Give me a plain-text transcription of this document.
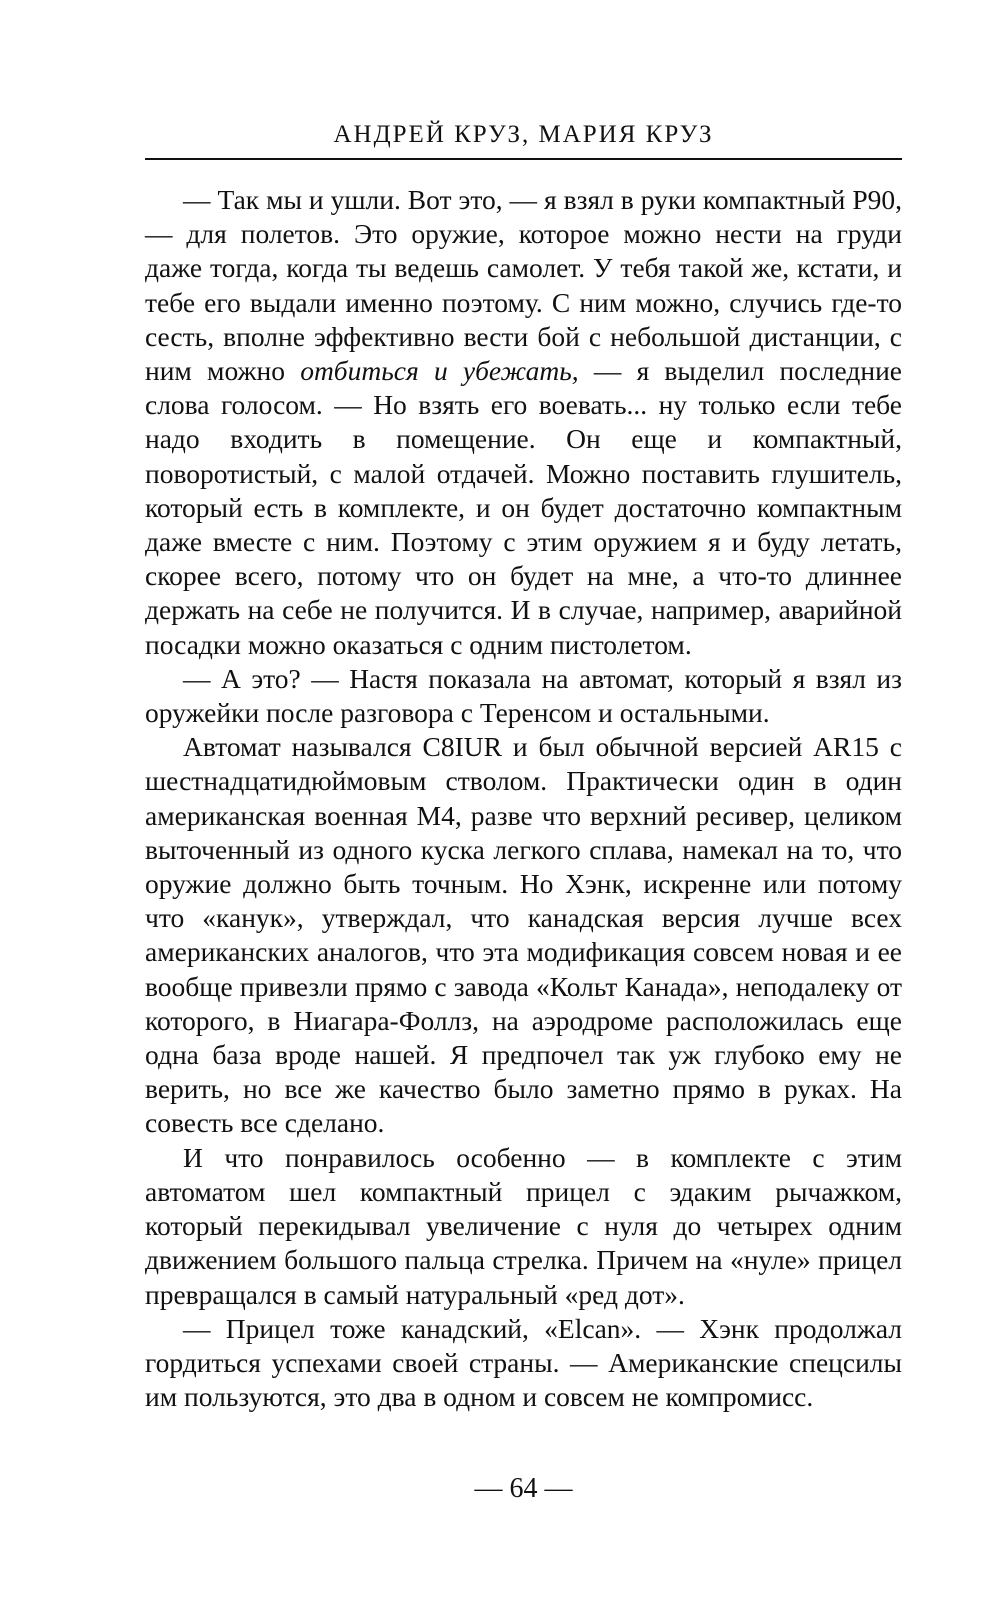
АНДРЕЙ КРУЗ, МАРИЯ КРУЗ

— Так мы и ушли. Вот это, — я взял в руки компактный P90, — для полетов. Это оружие, которое можно нести на груди даже тогда, когда ты ведешь самолет. У тебя такой же, кстати, и тебе его выдали именно поэтому. С ним можно, случись где-то сесть, вполне эффективно вести бой с небольшой дистанции, с ним можно отбиться и убежать, — я выделил последние слова голосом. — Но взять его воевать... ну только если тебе надо входить в помещение. Он еще и компактный, поворотистый, с малой отдачей. Можно поставить глушитель, который есть в комплекте, и он будет достаточно компактным даже вместе с ним. Поэтому с этим оружием я и буду летать, скорее всего, потому что он будет на мне, а что-то длиннее держать на себе не получится. И в случае, например, аварийной посадки можно оказаться с одним пистолетом.

— А это? — Настя показала на автомат, который я взял из оружейки после разговора с Теренсом и остальными.

Автомат назывался C8IUR и был обычной версией AR15 с шестнадцатидюймовым стволом. Практически один в один американская военная М4, разве что верхний ресивер, целиком выточенный из одного куска легкого сплава, намекал на то, что оружие должно быть точным. Но Хэнк, искренне или потому что «канук», утверждал, что канадская версия лучше всех американских аналогов, что эта модификация совсем новая и ее вообще привезли прямо с завода «Кольт Канада», неподалеку от которого, в Ниагара-Фоллз, на аэродроме расположилась еще одна база вроде нашей. Я предпочел так уж глубоко ему не верить, но все же качество было заметно прямо в руках. На совесть все сделано.

И что понравилось особенно — в комплекте с этим автоматом шел компактный прицел с эдаким рычажком, который перекидывал увеличение с нуля до четырех одним движением большого пальца стрелка. Причем на «нуле» прицел превращался в самый натуральный «ред дот».

— Прицел тоже канадский, «Elcan». — Хэнк продолжал гордиться успехами своей страны. — Американские спецсилы им пользуются, это два в одном и совсем не компромисс.

— 64 —
